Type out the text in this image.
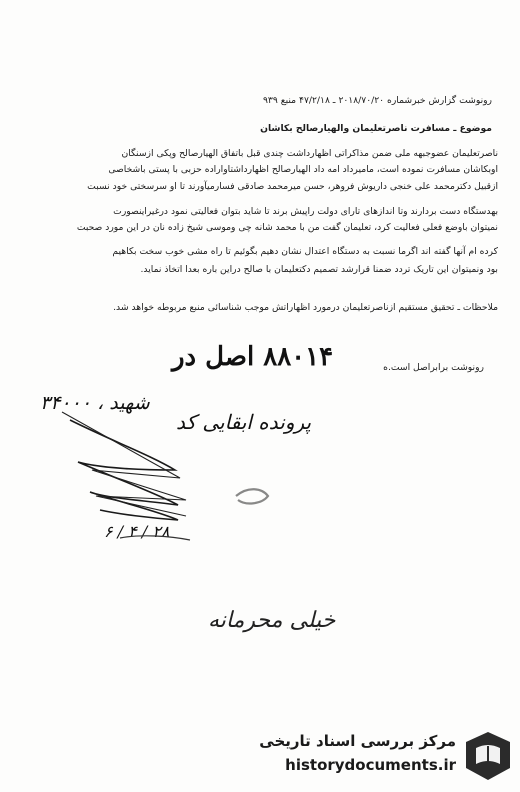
رونوشت گزارش خبرشماره ۲۰۱۸/۷۰/۲۰ ـ ۴۷/۲/۱۸ منبع ۹۳۹
موضوع ـ مسافرت ناصرتعلیمان والهیارصالح بکاشان
ناصرتعلیمان عضوجبهه ملی ضمن مذاکراتی اظهارداشت چندی قبل باتفاق الهیارصالح وپکی ازسنگان
اوبکاشان مسافرت نموده است، مامیرداد امه داد الهیارصالح اظهارداشتاواراده حزبی با پستی باشخاصی
ازقبیل دکترمحمد علی خنجی داریوش فروهر، حسن میرمحمد صادقی فسارمیآورند تا او سرسختی خود نسبت
بهدستگاه دست بردارند وتا اندازهای تارای دولت راپیش برند تا شاید بتوان فعالیتی نمود درغیراینصورت
نمیتوان باوضع فعلی فعالیت کرد، تعلیمان گفت من با محمد شانه چی وموسی شیخ زاده نان در این مورد صحبت
کرده ام آنها گفته اند اگرما نسبت به دستگاه اعتدال نشان دهیم بگوئیم تا راه مشی خوب سخت بکاهیم
بود ونمیتوان این تاریک تردد ضمنا قرارشد تصمیم دکتعلیمان با صالح دراین باره بعدا اتخاذ نماید.
ملاحظات ـ تحقیق مستقیم ازناصرتعلیمان درمورد اظهاراتش موجب شناسائی منبع مربوطه خواهد شد.
رونوشت برابراصل است.ه
۸۸۰۱۴ اصل در
شهید ، ۳۴۰۰۰
پرونده ابقایی کد
۲۸ / ۴ / ۶
خیلی محرمانه
مرکز بررسی اسناد تاریخی
historydocuments.ir
